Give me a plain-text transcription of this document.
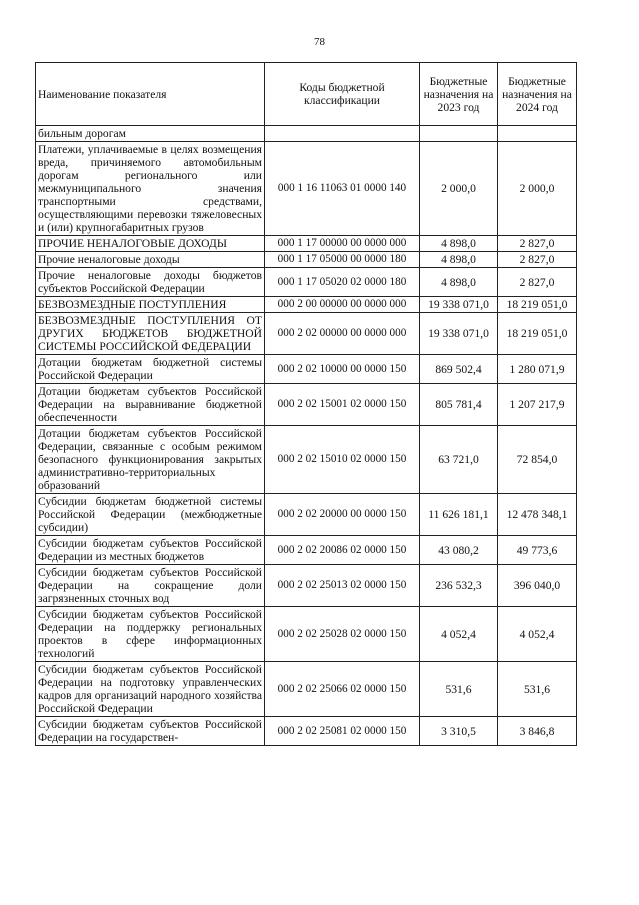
78
Наименование показателя	Коды бюджетной классификации	Бюджетные назначения на 2023 год	Бюджетные назначения на 2024 год
бильным дорогам			
Платежи, уплачиваемые в целях возмещения вреда, причиняемого автомобильным дорогам регионального или межмуниципального значения транспортными средствами, осуществляющими перевозки тяжеловесных и (или) крупногабаритных грузов	000 1 16 11063 01 0000 140	2 000,0	2 000,0
ПРОЧИЕ НЕНАЛОГОВЫЕ ДОХОДЫ	000 1 17 00000 00 0000 000	4 898,0	2 827,0
Прочие неналоговые доходы	000 1 17 05000 00 0000 180	4 898,0	2 827,0
Прочие неналоговые доходы бюджетов субъектов Российской Федерации	000 1 17 05020 02 0000 180	4 898,0	2 827,0
БЕЗВОЗМЕЗДНЫЕ ПОСТУПЛЕНИЯ	000 2 00 00000 00 0000 000	19 338 071,0	18 219 051,0
БЕЗВОЗМЕЗДНЫЕ ПОСТУПЛЕНИЯ ОТ ДРУГИХ БЮДЖЕТОВ БЮДЖЕТНОЙ СИСТЕМЫ РОССИЙСКОЙ ФЕДЕРАЦИИ	000 2 02 00000 00 0000 000	19 338 071,0	18 219 051,0
Дотации бюджетам бюджетной системы Российской Федерации	000 2 02 10000 00 0000 150	869 502,4	1 280 071,9
Дотации бюджетам субъектов Российской Федерации на выравнивание бюджетной обеспеченности	000 2 02 15001 02 0000 150	805 781,4	1 207 217,9
Дотации бюджетам субъектов Российской Федерации, связанные с особым режимом безопасного функционирования закрытых административно-территориальных образований	000 2 02 15010 02 0000 150	63 721,0	72 854,0
Субсидии бюджетам бюджетной системы Российской Федерации (межбюджетные субсидии)	000 2 02 20000 00 0000 150	11 626 181,1	12 478 348,1
Субсидии бюджетам субъектов Российской Федерации из местных бюджетов	000 2 02 20086 02 0000 150	43 080,2	49 773,6
Субсидии бюджетам субъектов Российской Федерации на сокращение доли загрязненных сточных вод	000 2 02 25013 02 0000 150	236 532,3	396 040,0
Субсидии бюджетам субъектов Российской Федерации на поддержку региональных проектов в сфере информационных технологий	000 2 02 25028 02 0000 150	4 052,4	4 052,4
Субсидии бюджетам субъектов Российской Федерации на подготовку управленческих кадров для организаций народного хозяйства Российской Федерации	000 2 02 25066 02 0000 150	531,6	531,6
Субсидии бюджетам субъектов Российской Федерации на государствен-	000 2 02 25081 02 0000 150	3 310,5	3 846,8
